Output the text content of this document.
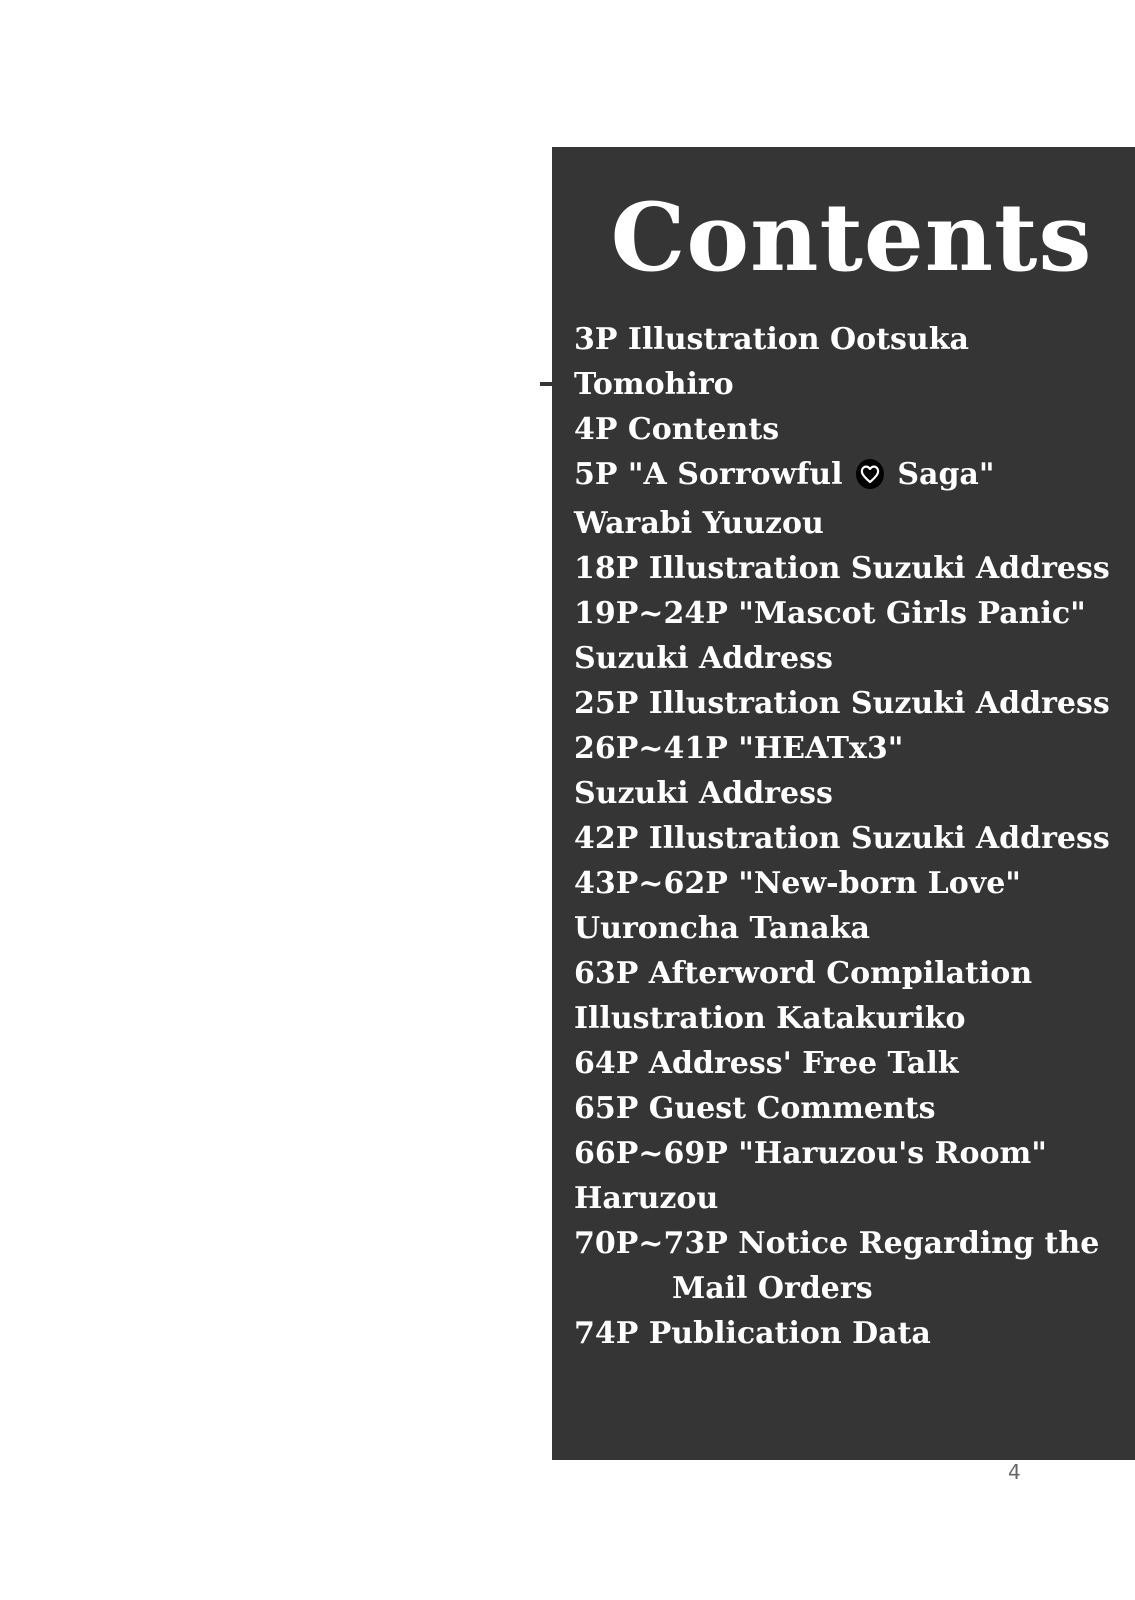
Contents
3P Illustration Ootsuka
Tomohiro
4P Contents
5P "A Sorrowful  Saga"
Warabi Yuuzou
18P Illustration Suzuki Address
19P~24P "Mascot Girls Panic"
Suzuki Address
25P Illustration Suzuki Address
26P~41P "HEATx3"
Suzuki Address
42P Illustration Suzuki Address
43P~62P "New-born Love"
Uuroncha Tanaka
63P Afterword Compilation
Illustration Katakuriko
64P Address' Free Talk
65P Guest Comments
66P~69P "Haruzou's Room"
Haruzou
70P~73P Notice Regarding the
Mail Orders
74P Publication Data
4
